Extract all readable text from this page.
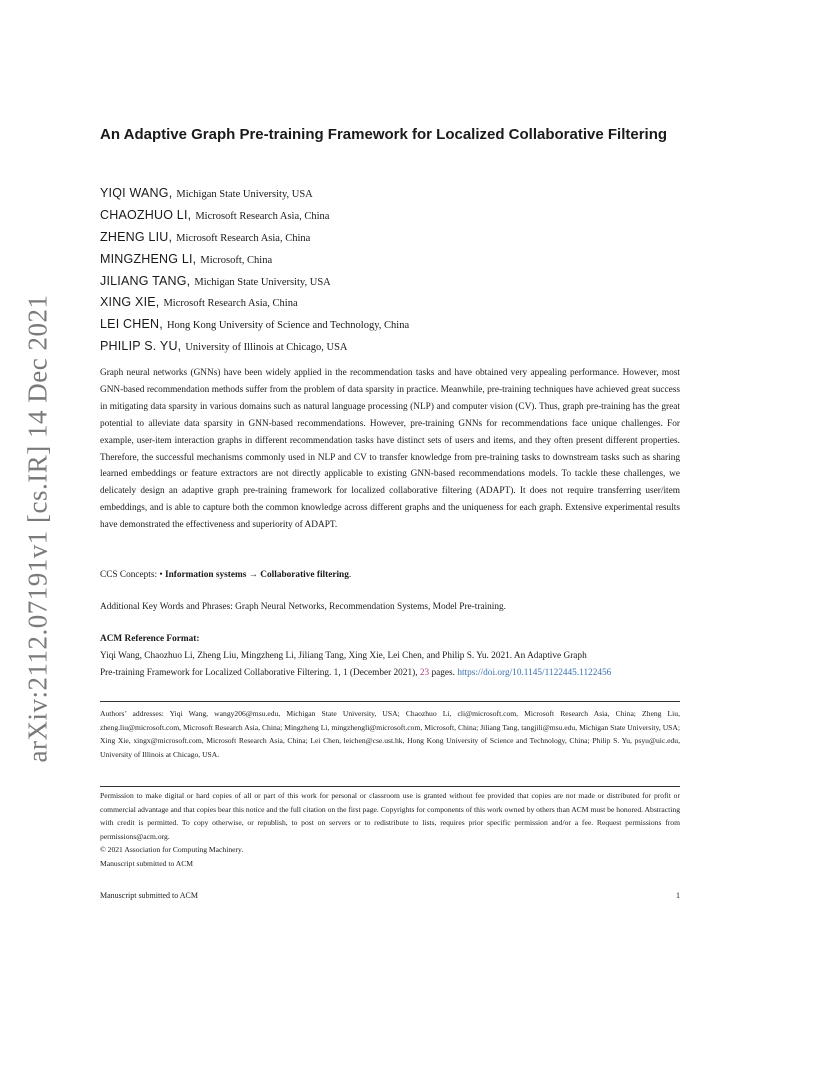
arXiv:2112.07191v1 [cs.IR] 14 Dec 2021
An Adaptive Graph Pre-training Framework for Localized Collaborative Filtering
YIQI WANG, Michigan State University, USA
CHAOZHUO LI, Microsoft Research Asia, China
ZHENG LIU, Microsoft Research Asia, China
MINGZHENG LI, Microsoft, China
JILIANG TANG, Michigan State University, USA
XING XIE, Microsoft Research Asia, China
LEI CHEN, Hong Kong University of Science and Technology, China
PHILIP S. YU, University of Illinois at Chicago, USA

Graph neural networks (GNNs) have been widely applied in the recommendation tasks and have obtained very appealing performance. However, most GNN-based recommendation methods suffer from the problem of data sparsity in practice. Meanwhile, pre-training techniques have achieved great success in mitigating data sparsity in various domains such as natural language processing (NLP) and computer vision (CV). Thus, graph pre-training has the great potential to alleviate data sparsity in GNN-based recommendations. However, pre-training GNNs for recommendations face unique challenges. For example, user-item interaction graphs in different recommendation tasks have distinct sets of users and items, and they often present different properties. Therefore, the successful mechanisms commonly used in NLP and CV to transfer knowledge from pre-training tasks to downstream tasks such as sharing learned embeddings or feature extractors are not directly applicable to existing GNN-based recommendations models. To tackle these challenges, we delicately design an adaptive graph pre-training framework for localized collaborative filtering (ADAPT). It does not require transferring user/item embeddings, and is able to capture both the common knowledge across different graphs and the uniqueness for each graph. Extensive experimental results have demonstrated the effectiveness and superiority of ADAPT.

CCS Concepts: • Information systems → Collaborative filtering.
Additional Key Words and Phrases: Graph Neural Networks, Recommendation Systems, Model Pre-training.
ACM Reference Format:
Yiqi Wang, Chaozhuo Li, Zheng Liu, Mingzheng Li, Jiliang Tang, Xing Xie, Lei Chen, and Philip S. Yu. 2021. An Adaptive Graph
Pre-training Framework for Localized Collaborative Filtering. 1, 1 (December 2021), 23 pages. https://doi.org/10.1145/1122445.1122456

Authors’ addresses: Yiqi Wang, wangy206@msu.edu, Michigan State University, USA; Chaozhuo Li, cli@microsoft.com, Microsoft Research Asia, China; Zheng Liu, zheng.liu@microsoft.com, Microsoft Research Asia, China; Mingzheng Li, mingzhengli@microsoft.com, Microsoft, China; Jiliang Tang, tangjili@msu.edu, Michigan State University, USA; Xing Xie, xingx@microsoft.com, Microsoft Research Asia, China; Lei Chen, leichen@cse.ust.hk, Hong Kong University of Science and Technology, China; Philip S. Yu, psyu@uic.edu, University of Illinois at Chicago, USA.

Permission to make digital or hard copies of all or part of this work for personal or classroom use is granted without fee provided that copies are not made or distributed for profit or commercial advantage and that copies bear this notice and the full citation on the first page. Copyrights for components of this work owned by others than ACM must be honored. Abstracting with credit is permitted. To copy otherwise, or republish, to post on servers or to redistribute to lists, requires prior specific permission and/or a fee. Request permissions from permissions@acm.org.

© 2021 Association for Computing Machinery.
Manuscript submitted to ACM
Manuscript submitted to ACM	1
